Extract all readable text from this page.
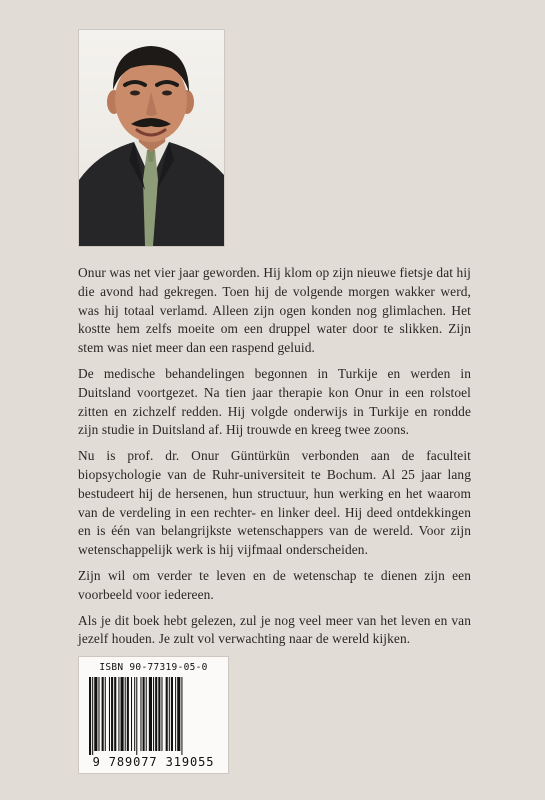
Onur was net vier jaar geworden. Hij klom op zijn nieuwe fietsje dat hij die avond had gekregen. Toen hij de volgende morgen wakker werd, was hij totaal verlamd. Alleen zijn ogen konden nog glimlachen. Het kostte hem zelfs moeite om een druppel water door te slikken. Zijn stem was niet meer dan een raspend geluid.

De medische behandelingen begonnen in Turkije en werden in Duitsland voortgezet. Na tien jaar therapie kon Onur in een rolstoel zitten en zichzelf redden. Hij volgde onderwijs in Turkije en rondde zijn studie in Duitsland af. Hij trouwde en kreeg twee zoons.

Nu is prof. dr. Onur Güntürkün verbonden aan de faculteit biopsychologie van de Ruhr-universiteit te Bochum. Al 25 jaar lang bestudeert hij de hersenen, hun structuur, hun werking en het waarom van de verdeling in een rechter- en linker deel. Hij deed ontdekkingen en is één van belangrijkste wetenschappers van de wereld. Voor zijn wetenschappelijk werk is hij vijfmaal onderscheiden.

Zijn wil om verder te leven en de wetenschap te dienen zijn een voorbeeld voor iedereen.

Als je dit boek hebt gelezen, zul je nog veel meer van het leven en van jezelf houden. Je zult vol verwachting naar de wereld kijken.

ISBN 90-77319-05-0
9 789077 319055
